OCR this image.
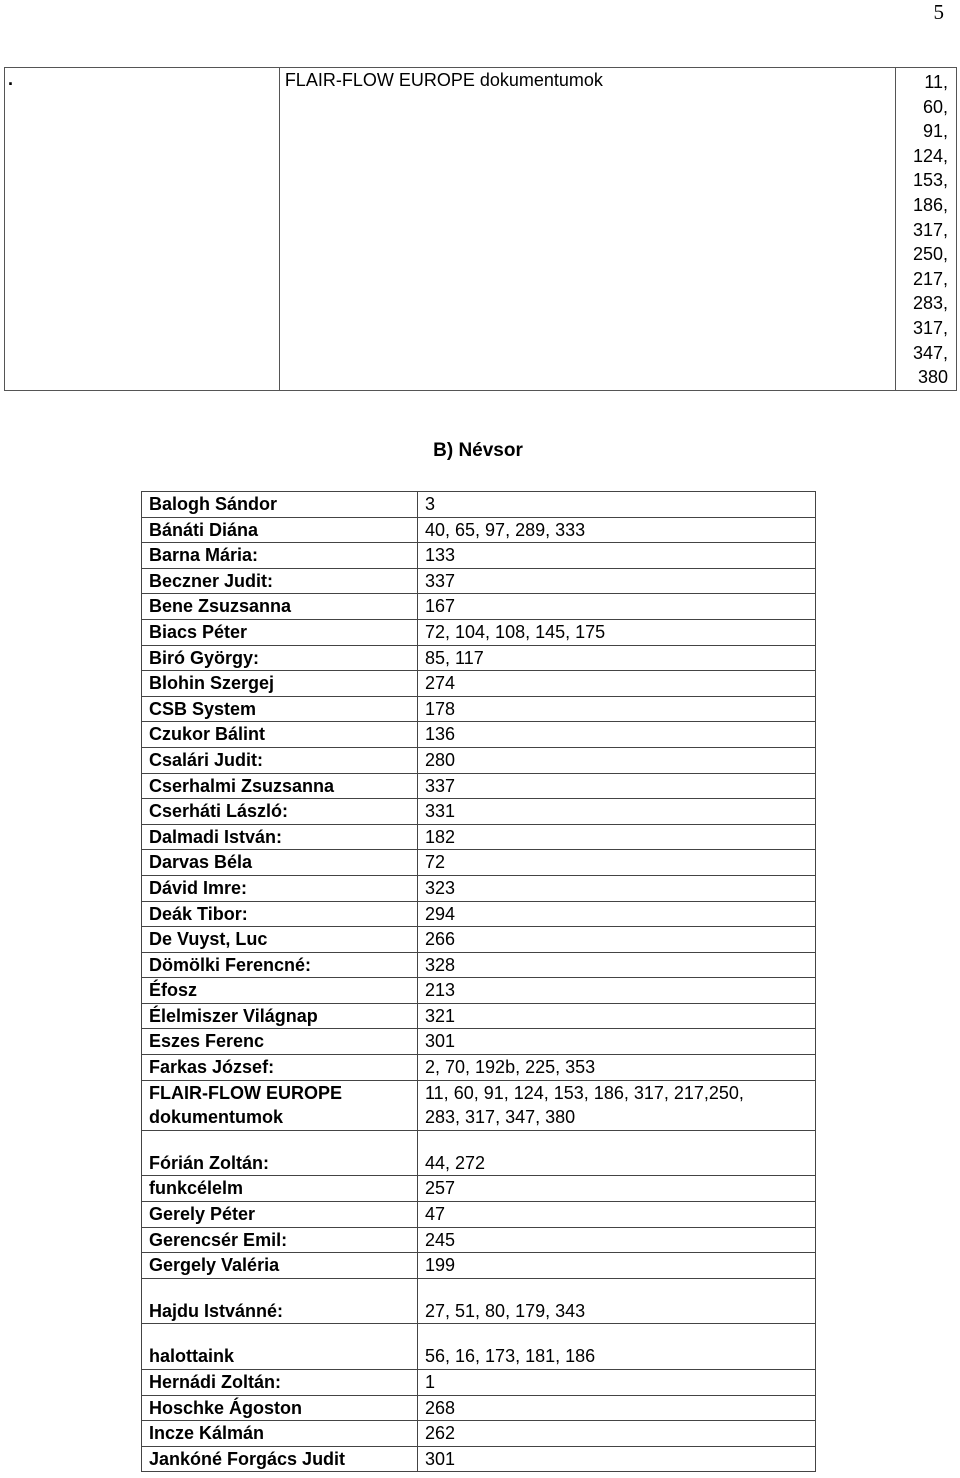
5
.	FLAIR-FLOW EUROPE dokumentumok	11,
60,
91,
124,
153,
186,
317,
250,
217,
283,
317,
347,
380
B) Névsor
Balogh Sándor	3
Bánáti Diána	40, 65, 97, 289, 333
Barna Mária:	133
Beczner Judit:	337
Bene Zsuzsanna	167
Biacs Péter	72, 104, 108, 145, 175
Biró György:	85, 117
Blohin Szergej	274
CSB System	178
Czukor Bálint	136
Csalári Judit:	280
Cserhalmi Zsuzsanna	337
Cserháti László:	331
Dalmadi István:	182
Darvas Béla	72
Dávid Imre:	323
Deák Tibor:	294
De Vuyst, Luc	266
Dömölki Ferencné:	328
Éfosz	213
Élelmiszer Világnap	321
Eszes Ferenc	301
Farkas József:	2, 70, 192b, 225, 353

FLAIR-FLOW EUROPE
dokumentumok	11, 60, 91, 124, 153, 186, 317, 217,250,
283, 317, 347, 380

Fórián Zoltán:	44, 272
funkcélelm	257
Gerely Péter	47
Gerencsér Emil:	245
Gergely Valéria	199
Hajdu Istvánné:	27, 51, 80, 179, 343
halottaink	56, 16, 173, 181, 186
Hernádi Zoltán:	1
Hoschke Ágoston	268
Incze Kálmán	262
Jankóné Forgács Judit	301
